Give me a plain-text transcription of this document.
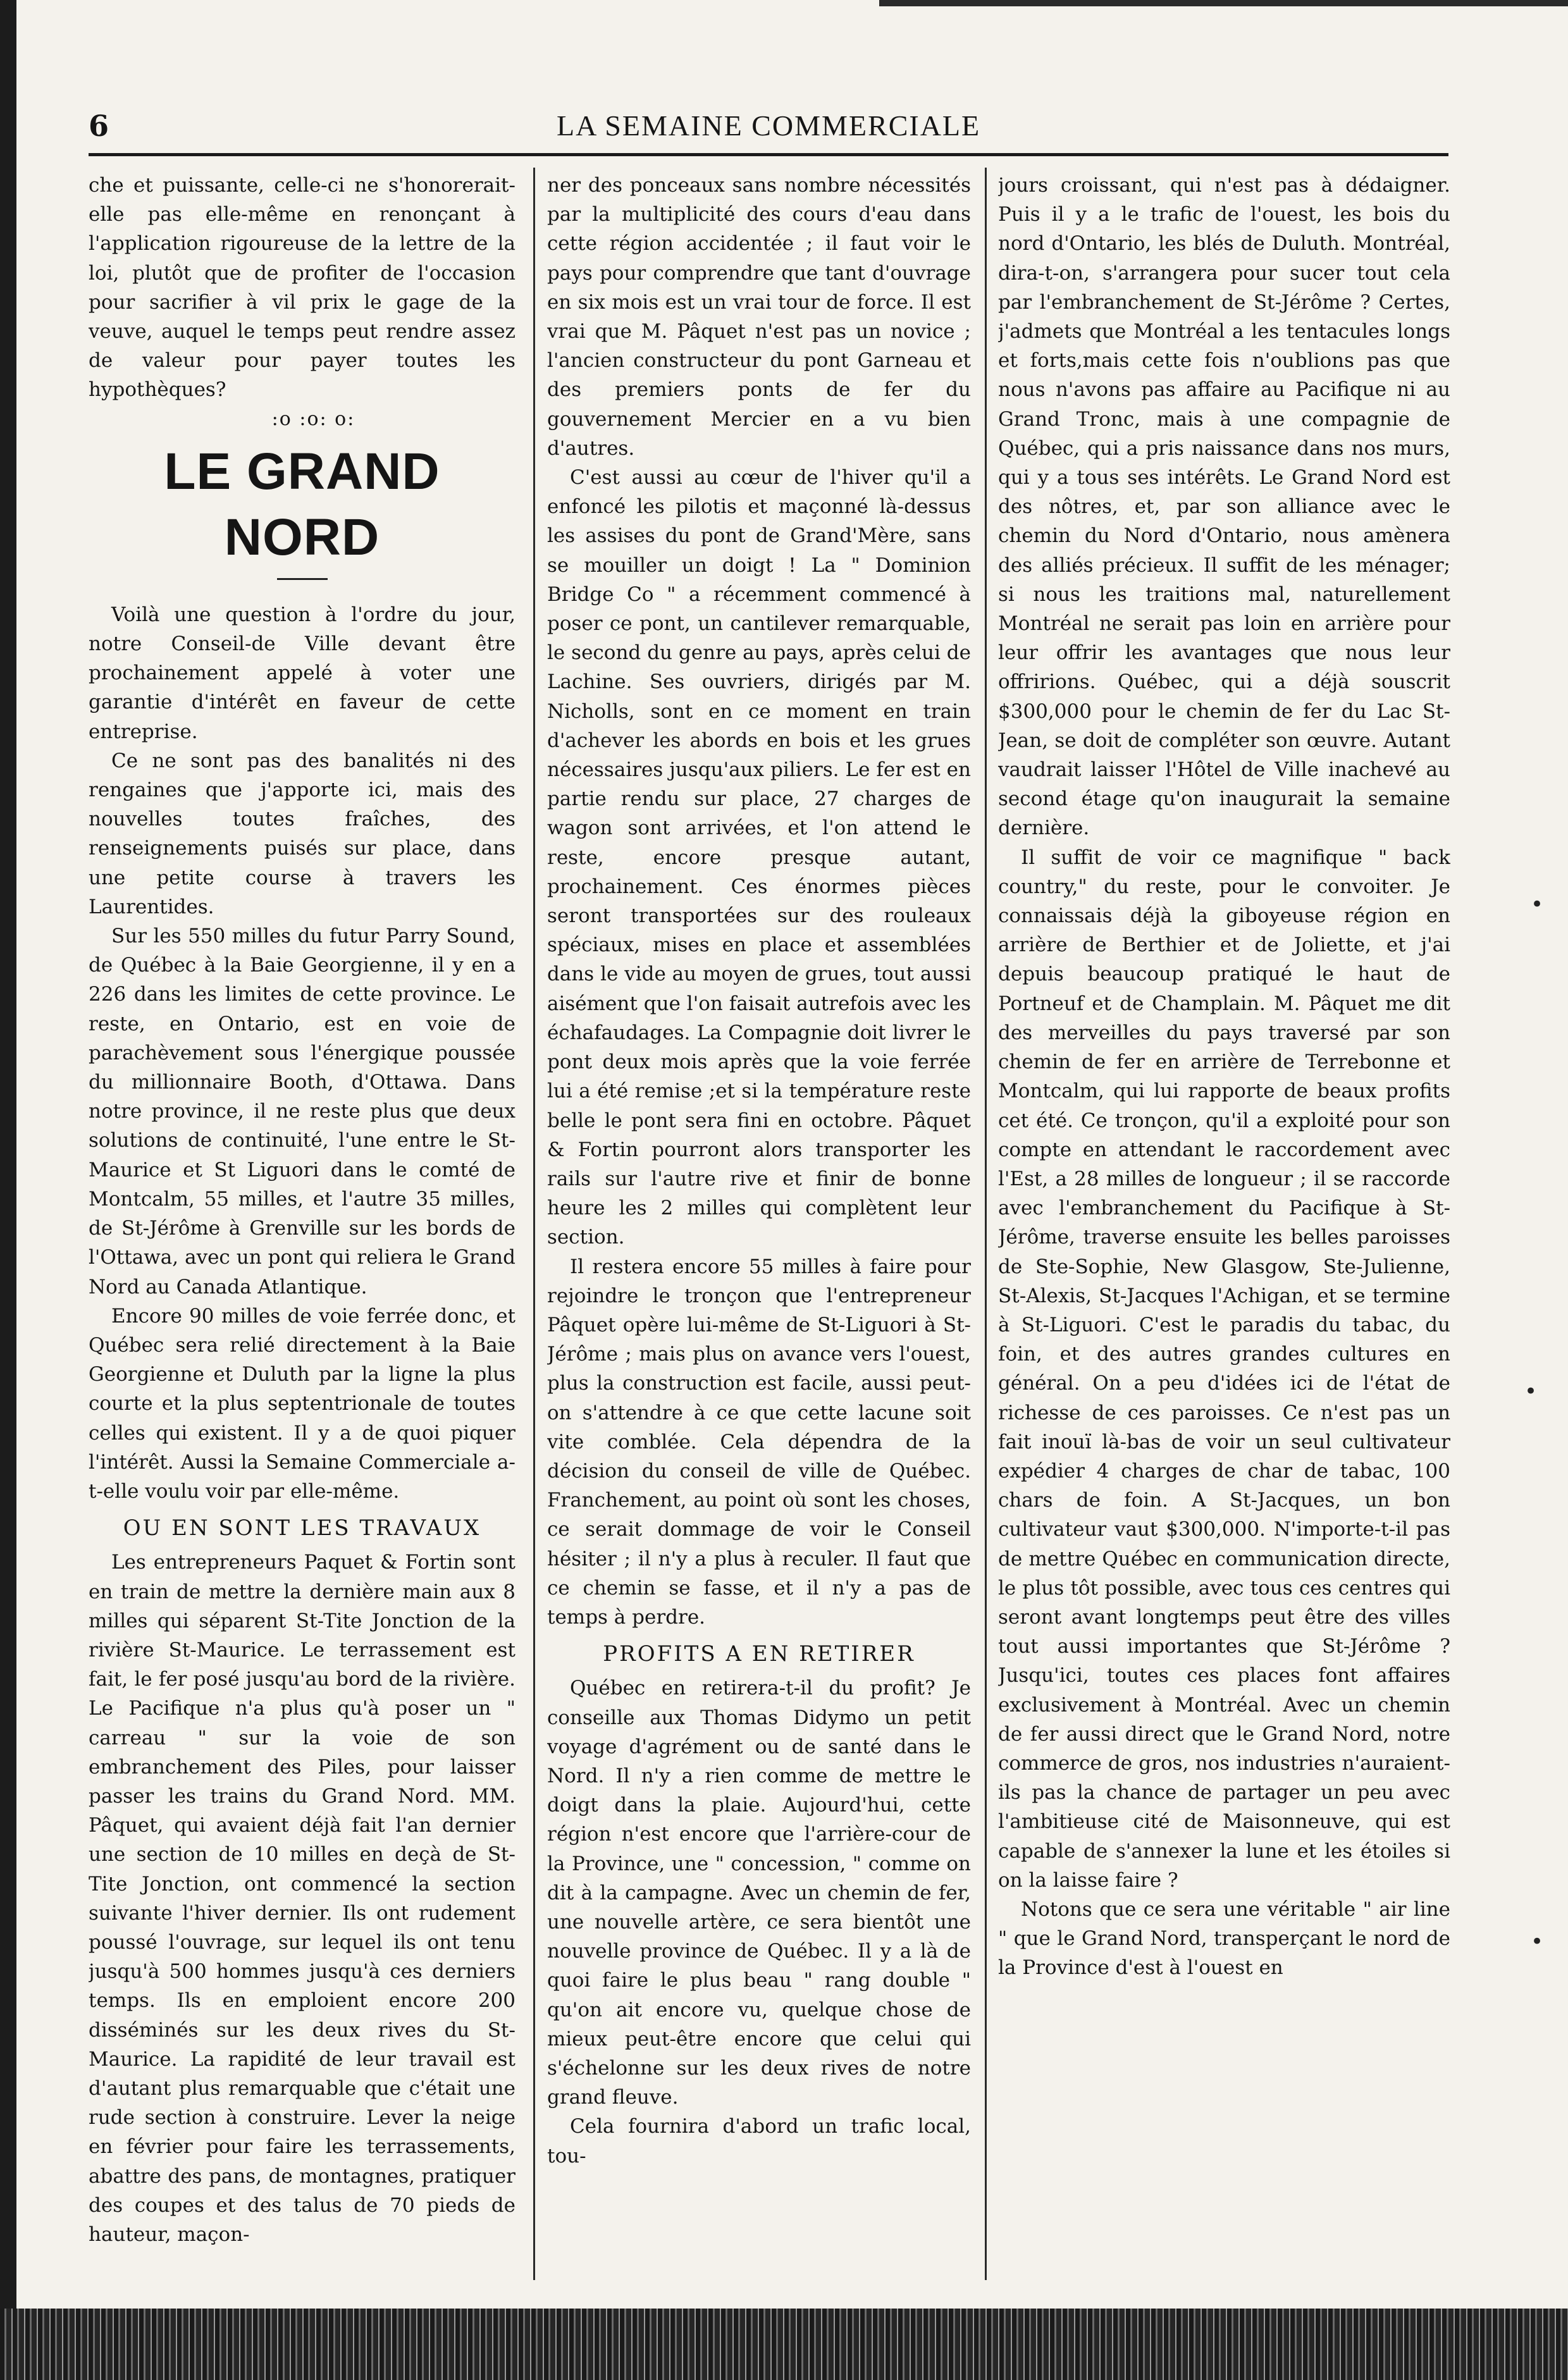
6	LA SEMAINE COMMERCIALE

che et puissante, celle-ci ne s'honorerait-elle pas elle-même en renonçant à l'application rigoureuse de la lettre de la loi, plutôt que de profiter de l'occasion pour sacrifier à vil prix le gage de la veuve, auquel le temps peut rendre assez de valeur pour payer toutes les hypothèques?

:o :o: o:

LE GRAND NORD

Voilà une question à l'ordre du jour, notre Conseil-de Ville devant être prochainement appelé à voter une garantie d'intérêt en faveur de cette entreprise.

Ce ne sont pas des banalités ni des rengaines que j'apporte ici, mais des nouvelles toutes fraîches, des renseignements puisés sur place, dans une petite course à travers les Laurentides.

Sur les 550 milles du futur Parry Sound, de Québec à la Baie Georgienne, il y en a 226 dans les limites de cette province. Le reste, en Ontario, est en voie de parachèvement sous l'énergique poussée du millionnaire Booth, d'Ottawa. Dans notre province, il ne reste plus que deux solutions de continuité, l'une entre le St-Maurice et St Liguori dans le comté de Montcalm, 55 milles, et l'autre 35 milles, de St-Jérôme à Grenville sur les bords de l'Ottawa, avec un pont qui reliera le Grand Nord au Canada Atlantique.

Encore 90 milles de voie ferrée donc, et Québec sera relié directement à la Baie Georgienne et Duluth par la ligne la plus courte et la plus septentrionale de toutes celles qui existent. Il y a de quoi piquer l'intérêt. Aussi la Semaine Commerciale a-t-elle voulu voir par elle-même.

OU EN SONT LES TRAVAUX

Les entrepreneurs Paquet & Fortin sont en train de mettre la dernière main aux 8 milles qui séparent St-Tite Jonction de la rivière St-Maurice. Le terrassement est fait, le fer posé jusqu'au bord de la rivière. Le Pacifique n'a plus qu'à poser un " carreau " sur la voie de son embranchement des Piles, pour laisser passer les trains du Grand Nord. MM. Pâquet, qui avaient déjà fait l'an dernier une section de 10 milles en deçà de St-Tite Jonction, ont commencé la section suivante l'hiver dernier. Ils ont rudement poussé l'ouvrage, sur lequel ils ont tenu jusqu'à 500 hommes jusqu'à ces derniers temps. Ils en emploient encore 200 disséminés sur les deux rives du St-Maurice. La rapidité de leur travail est d'autant plus remarquable que c'était une rude section à construire. Lever la neige en février pour faire les terrassements, abattre des pans, de montagnes, pratiquer des coupes et des talus de 70 pieds de hauteur, maçon-

ner des ponceaux sans nombre nécessités par la multiplicité des cours d'eau dans cette région accidentée ; il faut voir le pays pour comprendre que tant d'ouvrage en six mois est un vrai tour de force. Il est vrai que M. Pâquet n'est pas un novice ; l'ancien constructeur du pont Garneau et des premiers ponts de fer du gouvernement Mercier en a vu bien d'autres.

C'est aussi au cœur de l'hiver qu'il a enfoncé les pilotis et maçonné là-dessus les assises du pont de Grand'Mère, sans se mouiller un doigt ! La " Dominion Bridge Co " a récemment commencé à poser ce pont, un cantilever remarquable, le second du genre au pays, après celui de Lachine. Ses ouvriers, dirigés par M. Nicholls, sont en ce moment en train d'achever les abords en bois et les grues nécessaires jusqu'aux piliers. Le fer est en partie rendu sur place, 27 charges de wagon sont arrivées, et l'on attend le reste, encore presque autant, prochainement. Ces énormes pièces seront transportées sur des rouleaux spéciaux, mises en place et assemblées dans le vide au moyen de grues, tout aussi aisément que l'on faisait autrefois avec les échafaudages. La Compagnie doit livrer le pont deux mois après que la voie ferrée lui a été remise ;et si la température reste belle le pont sera fini en octobre. Pâquet & Fortin pourront alors transporter les rails sur l'autre rive et finir de bonne heure les 2 milles qui complètent leur section.

Il restera encore 55 milles à faire pour rejoindre le tronçon que l'entrepreneur Pâquet opère lui-même de St-Liguori à St-Jérôme ; mais plus on avance vers l'ouest, plus la construction est facile, aussi peut-on s'attendre à ce que cette lacune soit vite comblée. Cela dépendra de la décision du conseil de ville de Québec. Franchement, au point où sont les choses, ce serait dommage de voir le Conseil hésiter ; il n'y a plus à reculer. Il faut que ce chemin se fasse, et il n'y a pas de temps à perdre.

PROFITS A EN RETIRER

Québec en retirera-t-il du profit? Je conseille aux Thomas Didymo un petit voyage d'agrément ou de santé dans le Nord. Il n'y a rien comme de mettre le doigt dans la plaie. Aujourd'hui, cette région n'est encore que l'arrière-cour de la Province, une " concession, " comme on dit à la campagne. Avec un chemin de fer, une nouvelle artère, ce sera bientôt une nouvelle province de Québec. Il y a là de quoi faire le plus beau " rang double " qu'on ait encore vu, quelque chose de mieux peut-être encore que celui qui s'échelonne sur les deux rives de notre grand fleuve.

Cela fournira d'abord un trafic local, tou-

jours croissant, qui n'est pas à dédaigner. Puis il y a le trafic de l'ouest, les bois du nord d'Ontario, les blés de Duluth. Montréal, dira-t-on, s'arrangera pour sucer tout cela par l'embranchement de St-Jérôme ? Certes, j'admets que Montréal a les tentacules longs et forts,mais cette fois n'oublions pas que nous n'avons pas affaire au Pacifique ni au Grand Tronc, mais à une compagnie de Québec, qui a pris naissance dans nos murs, qui y a tous ses intérêts. Le Grand Nord est des nôtres, et, par son alliance avec le chemin du Nord d'Ontario, nous amènera des alliés précieux. Il suffit de les ménager; si nous les traitions mal, naturellement Montréal ne serait pas loin en arrière pour leur offrir les avantages que nous leur offririons. Québec, qui a déjà souscrit $300,000 pour le chemin de fer du Lac St-Jean, se doit de compléter son œuvre. Autant vaudrait laisser l'Hôtel de Ville inachevé au second étage qu'on inaugurait la semaine dernière.

Il suffit de voir ce magnifique " back country," du reste, pour le convoiter. Je connaissais déjà la giboyeuse région en arrière de Berthier et de Joliette, et j'ai depuis beaucoup pratiqué le haut de Portneuf et de Champlain. M. Pâquet me dit des merveilles du pays traversé par son chemin de fer en arrière de Terrebonne et Montcalm, qui lui rapporte de beaux profits cet été. Ce tronçon, qu'il a exploité pour son compte en attendant le raccordement avec l'Est, a 28 milles de longueur ; il se raccorde avec l'embranchement du Pacifique à St-Jérôme, traverse ensuite les belles paroisses de Ste-Sophie, New Glasgow, Ste-Julienne, St-Alexis, St-Jacques l'Achigan, et se termine à St-Liguori. C'est le paradis du tabac, du foin, et des autres grandes cultures en général. On a peu d'idées ici de l'état de richesse de ces paroisses. Ce n'est pas un fait inouï là-bas de voir un seul cultivateur expédier 4 charges de char de tabac, 100 chars de foin. A St-Jacques, un bon cultivateur vaut $300,000. N'importe-t-il pas de mettre Québec en communication directe, le plus tôt possible, avec tous ces centres qui seront avant longtemps peut être des villes tout aussi importantes que St-Jérôme ? Jusqu'ici, toutes ces places font affaires exclusivement à Montréal. Avec un chemin de fer aussi direct que le Grand Nord, notre commerce de gros, nos industries n'auraient-ils pas la chance de partager un peu avec l'ambitieuse cité de Maisonneuve, qui est capable de s'annexer la lune et les étoiles si on la laisse faire ?

Notons que ce sera une véritable " air line " que le Grand Nord, transperçant le nord de la Province d'est à l'ouest en

•
•
•
